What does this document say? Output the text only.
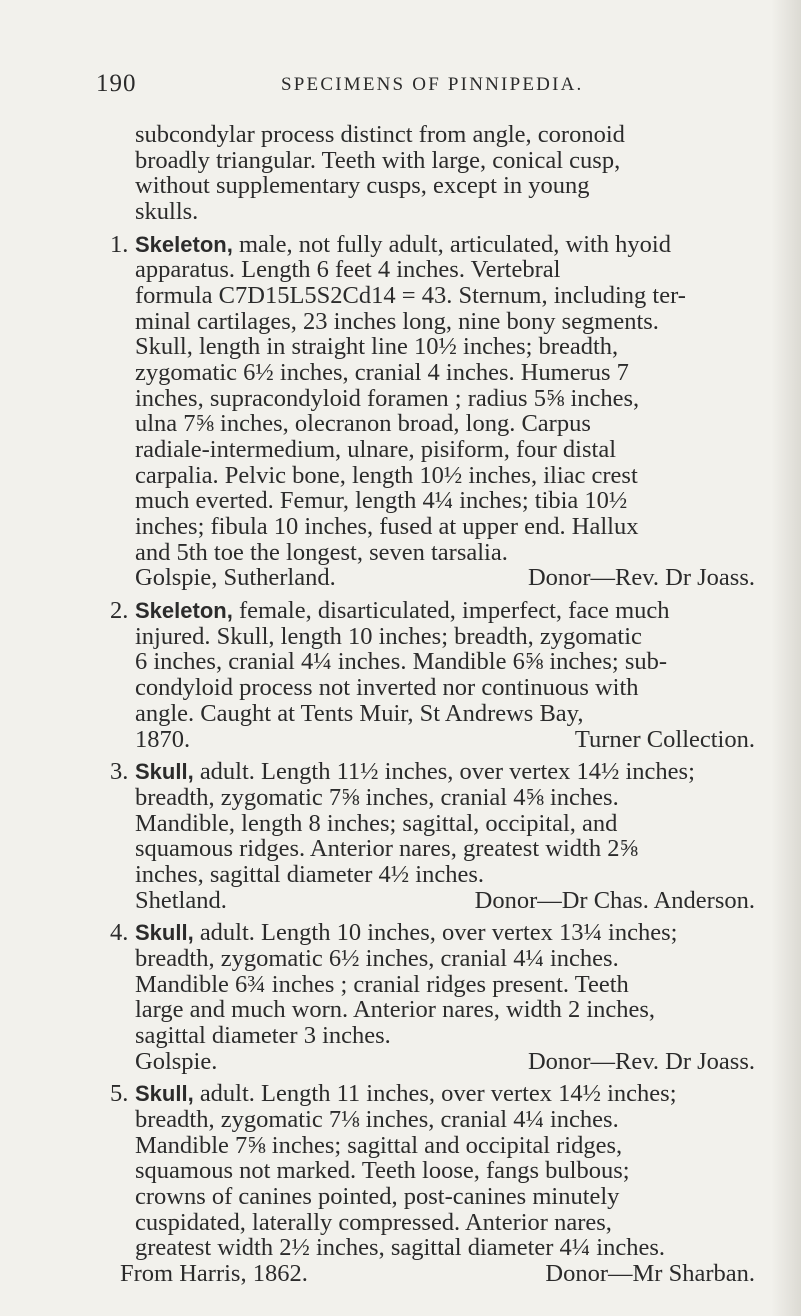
190	SPECIMENS OF PINNIPEDIA.
subcondylar process distinct from angle, coronoid
broadly triangular. Teeth with large, conical cusp,
without supplementary cusps, except in young
skulls.
1. Skeleton, male, not fully adult, articulated, with hyoid
apparatus. Length 6 feet 4 inches. Vertebral
formula C7D15L5S2Cd14 = 43. Sternum, including ter-
minal cartilages, 23 inches long, nine bony segments.
Skull, length in straight line 10½ inches; breadth,
zygomatic 6½ inches, cranial 4 inches. Humerus 7
inches, supracondyloid foramen ; radius 5⅝ inches,
ulna 7⅝ inches, olecranon broad, long. Carpus
radiale-intermedium, ulnare, pisiform, four distal
carpalia. Pelvic bone, length 10½ inches, iliac crest
much everted. Femur, length 4¼ inches; tibia 10½
inches; fibula 10 inches, fused at upper end. Hallux
and 5th toe the longest, seven tarsalia.
Golspie, Sutherland.	Donor—Rev. Dr Joass.
2. Skeleton, female, disarticulated, imperfect, face much
injured. Skull, length 10 inches; breadth, zygomatic
6 inches, cranial 4¼ inches. Mandible 6⅝ inches; sub-
condyloid process not inverted nor continuous with
angle. Caught at Tents Muir, St Andrews Bay,
1870.	Turner Collection.
3. Skull, adult. Length 11½ inches, over vertex 14½ inches;
breadth, zygomatic 7⅝ inches, cranial 4⅝ inches.
Mandible, length 8 inches; sagittal, occipital, and
squamous ridges. Anterior nares, greatest width 2⅝
inches, sagittal diameter 4½ inches.
Shetland.	Donor—Dr Chas. Anderson.
4. Skull, adult. Length 10 inches, over vertex 13¼ inches;
breadth, zygomatic 6½ inches, cranial 4¼ inches.
Mandible 6¾ inches ; cranial ridges present. Teeth
large and much worn. Anterior nares, width 2 inches,
sagittal diameter 3 inches.
Golspie.	Donor—Rev. Dr Joass.
5. Skull, adult. Length 11 inches, over vertex 14½ inches;
breadth, zygomatic 7⅛ inches, cranial 4¼ inches.
Mandible 7⅝ inches; sagittal and occipital ridges,
squamous not marked. Teeth loose, fangs bulbous;
crowns of canines pointed, post-canines minutely
cuspidated, laterally compressed. Anterior nares,
greatest width 2½ inches, sagittal diameter 4¼ inches.
From Harris, 1862.	Donor—Mr Sharban.
